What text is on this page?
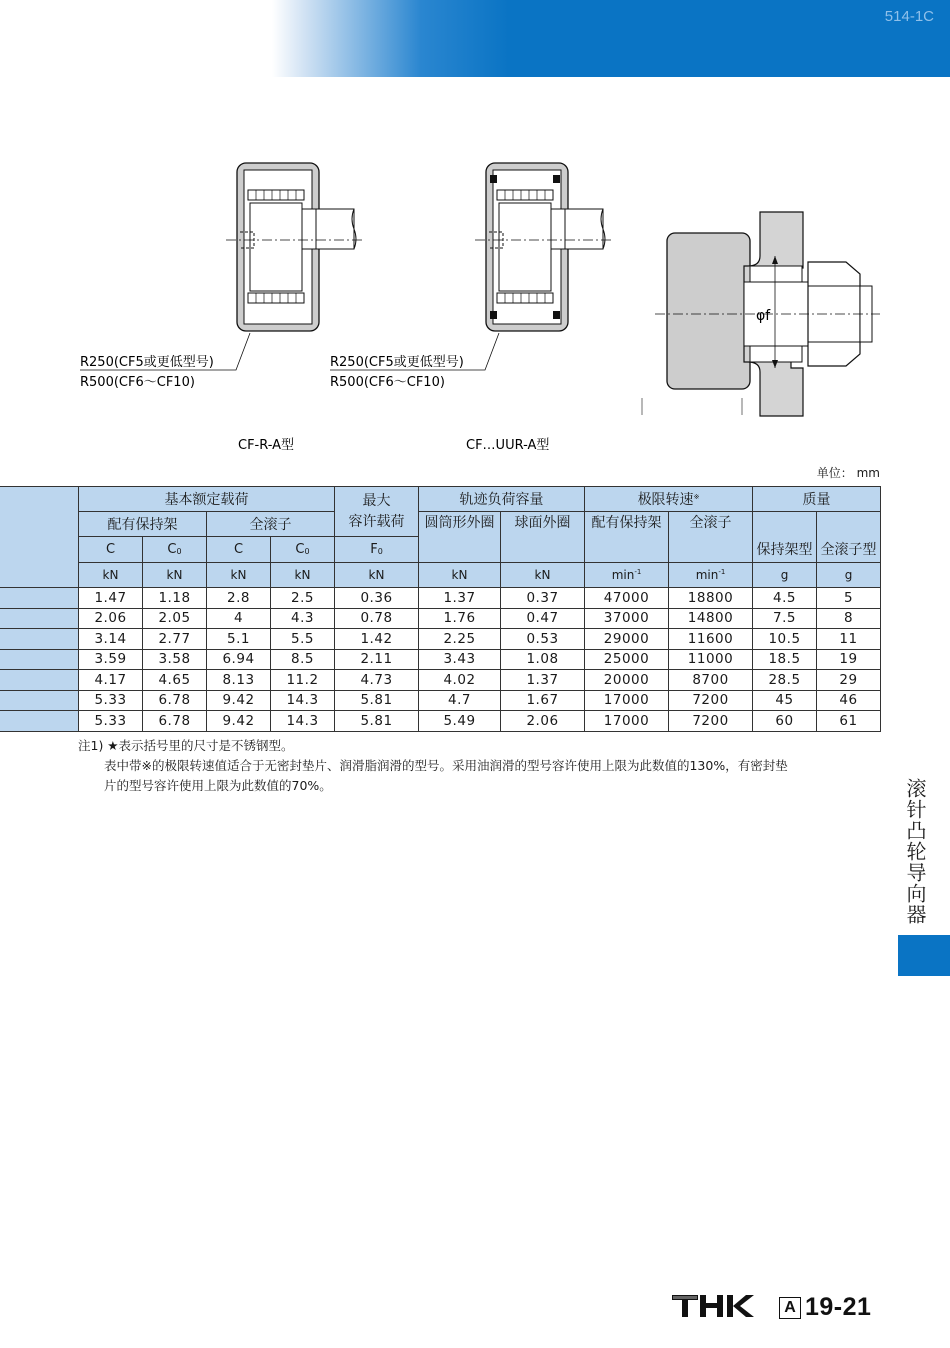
514-1C
R250(CF5或更低型号)
R500(CF6〜CF10)
CF-R-A型
R250(CF5或更低型号)
R500(CF6〜CF10)
CF…UUR-A型
φf
单位： mm
	基本额定载荷				最大
容许载荷	轨迹负荷容量		极限转速※		质量	
	配有保持架		全滚子			圆筒形外圈	球面外圈	配有保持架	全滚子	保持架型	全滚子型
	C	C0	C	C0	F0						
	kN	kN	kN	kN	kN	kN	kN	$\min^{-1}$	$\min^{-1}$	g	g
	1.47	1.18	2.8	2.5	0.36	1.37	0.37	47000	18800	4.5	5
	2.06	2.05	4	4.3	0.78	1.76	0.47	37000	14800	7.5	8
	3.14	2.77	5.1	5.5	1.42	2.25	0.53	29000	11600	10.5	11
	3.59	3.58	6.94	8.5	2.11	3.43	1.08	25000	11000	18.5	19
	4.17	4.65	8.13	11.2	4.73	4.02	1.37	20000	8700	28.5	29
	5.33	6.78	9.42	14.3	5.81	4.7	1.67	17000	7200	45	46
	5.33	6.78	9.42	14.3	5.81	5.49	2.06	17000	7200	60	61
注1) ★表示括号里的尺寸是不锈钢型。
表中带※的极限转速值适合于无密封垫片、润滑脂润滑的型号。采用油润滑的型号容许使用上限为此数值的130%，有密封垫
片的型号容许使用上限为此数值的70%。	滚针凸轮导向器
A 19-21
